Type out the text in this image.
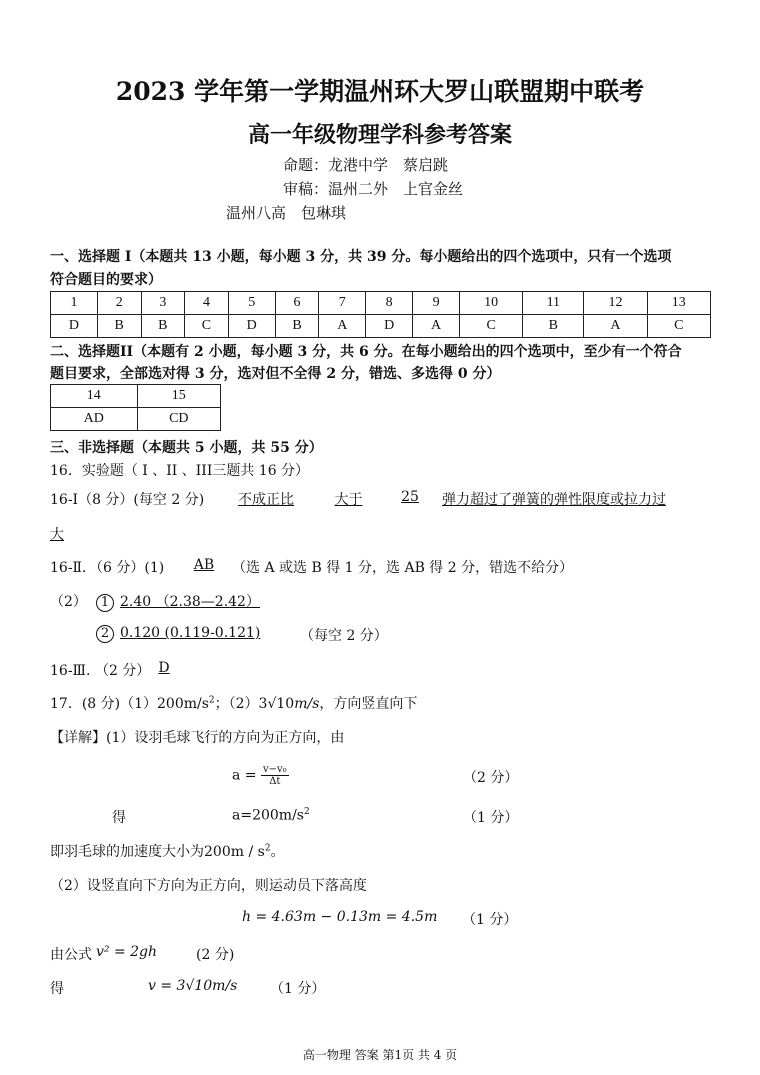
2023 学年第一学期温州环大罗山联盟期中联考
高一年级物理学科参考答案
命题：龙港中学　蔡启跳
审稿：温州二外　上官金丝
温州八高　包琳琪
一、选择题 I（本题共 13 小题，每小题 3 分，共 39 分。每小题给出的四个选项中，只有一个选项
符合题目的要求）
1	2	3	4	5	6	7	8	9	10	11	12	13
D	B	B	C	D	B	A	D	A	C	B	A	C
二、选择题II（本题有 2 小题，每小题 3 分，共 6 分。在每小题给出的四个选项中，至少有一个符合
题目要求，全部选对得 3 分，选对但不全得 2 分，错选、多选得 0 分）
14	15
AD	CD
三、非选择题（本题共 5 小题，共 55 分）
16．实验题（ I 、II 、III三题共 16 分）
16-Ⅰ（8 分）(每空 2 分)	不成正比	大于	25	弹力超过了弹簧的弹性限度或拉力过
大
16-Ⅱ．（6 分）(1)	AB	（选 A 或选 B 得 1 分，选 AB 得 2 分，错选不给分）
（2）	1 2.40 （2.38—2.42）
2 0.120 (0.119-0.121)	（每空 2 分）
16-Ⅲ. （2 分） D
17．(8 分)$(1)200m/s^2$；（2）3√10m/s，方向竖直向下
【详解】(1）设羽毛球飞行的方向为正方向，由
$a = \frac{\text{v−v₀}}{\Delta t}$	（2 分）
得	$a=200m/s^2$	（1 分）
即羽毛球的加速度大小为$200m / s^2$。
（2）设竖直向下方向为正方向，则运动员下落高度
h = 4.63m − 0.13m = 4.5m （1 分）
由公式 v² = 2gh	(2 分)
得	v = 3√10m/s （1 分）
高一物理 答案 第1页 共 4 页
